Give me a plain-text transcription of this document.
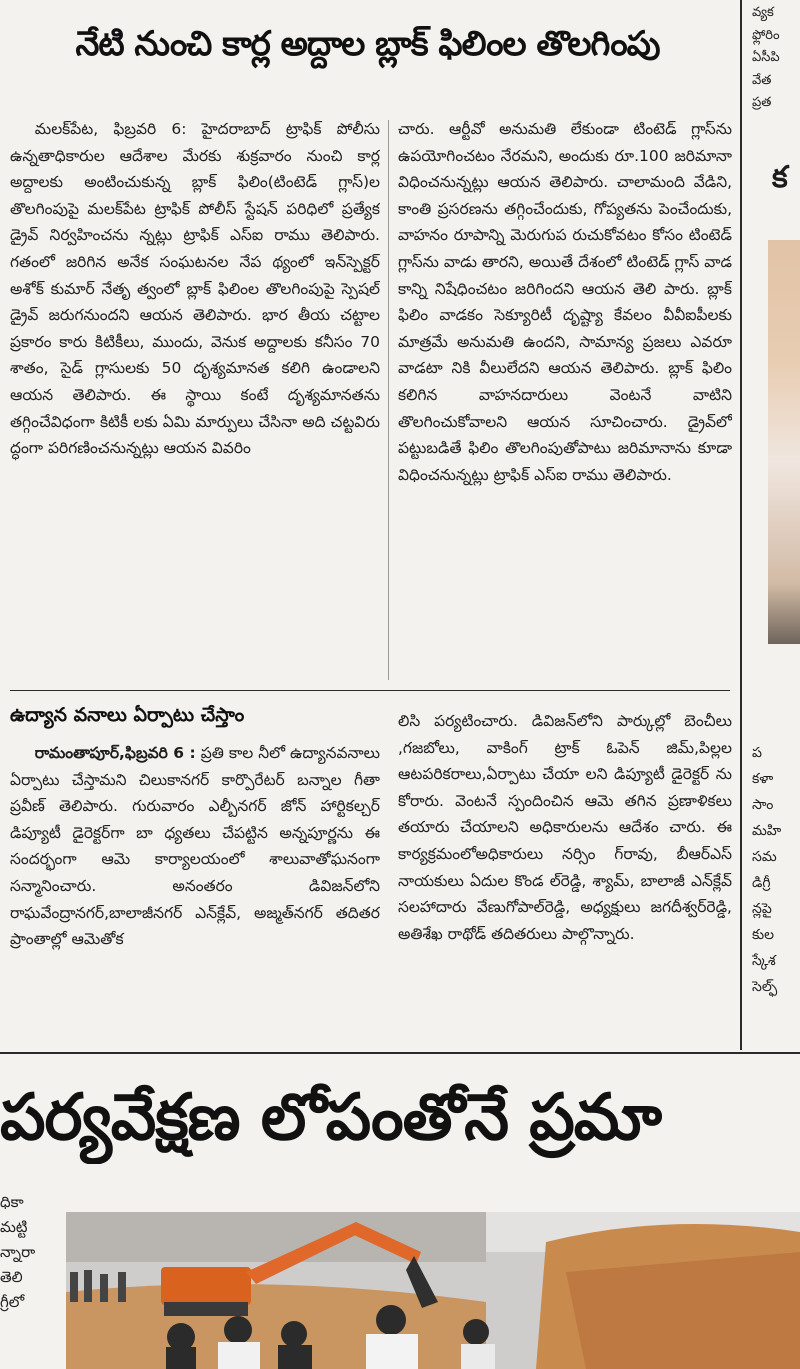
నేటి నుంచి కార్ల అద్దాల బ్లాక్ ఫిలింల తొలగింపు

మలక్‌పేట, ఫిబ్రవరి 6: హైదరాబాద్ ట్రాఫిక్ పోలీసు ఉన్నతాధికారుల ఆదేశాల మేరకు శుక్రవారం నుంచి కార్ల అద్దాలకు అంటించుకున్న బ్లాక్ ఫిలిం(టింటెడ్ గ్లాస్)ల తొలగింపుపై మలక్‌పేట ట్రాఫిక్ పోలీస్ స్టేషన్ పరిధిలో ప్రత్యేక డ్రైవ్ నిర్వహించను న్నట్లు ట్రాఫిక్ ఎస్‌ఐ రాము తెలిపారు. గతంలో జరిగిన అనేక సంఘటనల నేప థ్యంలో ఇన్‌స్పెక్టర్ అశోక్ కుమార్ నేతృ త్వంలో బ్లాక్ ఫిలింల తొలగింపుపై స్పెషల్ డ్రైవ్ జరుగనుందని ఆయన తెలిపారు. భార తీయ చట్టాల ప్రకారం కారు కిటికీలు, ముందు, వెనుక అద్దాలకు కనీసం 70 శాతం, సైడ్ గ్లాసులకు 50 దృశ్యమానత కలిగి ఉండాలని ఆయన తెలిపారు. ఈ స్థాయి కంటే దృశ్యమానతను తగ్గించేవిధంగా కిటికీ లకు ఏమి మార్పులు చేసినా అది చట్టవిరు ద్ధంగా పరిగణించనున్నట్లు ఆయన వివరిం

చారు. ఆర్టీవో అనుమతి లేకుండా టింటెడ్ గ్లాస్‌ను ఉపయోగించటం నేరమని, అందుకు రూ.100 జరిమానా విధించనున్నట్లు ఆయన తెలిపారు. చాలామంది వేడిని, కాంతి ప్రసరణను తగ్గించేందుకు, గోప్యతను పెంచేందుకు, వాహనం రూపాన్ని మెరుగుప రుచుకోవటం కోసం టింటెడ్ గ్లాస్‌ను వాడు తారని, అయితే దేశంలో టింటెడ్ గ్లాస్ వాడ కాన్ని నిషేధించటం జరిగిందని ఆయన తెలి పారు. బ్లాక్ ఫిలిం వాడకం సెక్యూరిటీ దృష్ట్యా కేవలం వీవీఐపీలకు మాత్రమే అనుమతి ఉందని, సామాన్య ప్రజలు ఎవరూ వాడటా నికి వీలులేదని ఆయన తెలిపారు. బ్లాక్ ఫిలిం కలిగిన వాహనదారులు వెంటనే వాటిని తొలగించుకోవాలని ఆయన సూచించారు. డ్రైవ్‌లో పట్టుబడితే ఫిలిం తొలగింపుతోపాటు జరిమానాను కూడా విధించనున్నట్లు ట్రాఫిక్ ఎస్‌ఐ రాము తెలిపారు.

ఉద్యాన వనాలు ఏర్పాటు చేస్తాం

రామంతాపూర్,ఫిబ్రవరి 6 : ప్రతి కాల నీలో ఉద్యానవనాలు ఏర్పాటు చేస్తామని చిలుకానగర్ కార్పొరేటర్ బన్నాల గీతా ప్రవీణ్ తెలిపారు. గురువారం ఎల్బీనగర్ జోన్ హార్టికల్చర్ డిప్యూటీ డైరెక్టర్‌గా బా ధ్యతలు చేపట్టిన అన్నపూర్ణను ఈ సందర్భంగా ఆమె కార్యాలయంలో శాలువాతోఘనంగా సన్మానించారు. అనంతరం డివిజన్‌లోని రాఘవేంద్రానగర్,బాలాజీనగర్ ఎన్‌క్లేవ్, అజ్మత్‌నగర్ తదితర ప్రాంతాల్లో ఆమెతోక

లిసి పర్యటించారు. డివిజన్‌లోని పార్కుల్లో బెంచీలు ,గజబోలు, వాకింగ్ ట్రాక్ ఓపెన్ జిమ్,పిల్లల ఆటపరికరాలు,ఏర్పాటు చేయా లని డిప్యూటీ డైరెక్టర్ ను కోరారు. వెంటనే స్పందించిన ఆమె తగిన ప్రణాళికలు తయారు చేయాలని అధికారులను ఆదేశం చారు. ఈ కార్యక్రమంలోఅధికారులు నర్సిం గ్‌రావు, బీఆర్ఎస్ నాయకులు ఏదుల కొండ ల్‌రెడ్డి, శ్యామ్, బాలాజీ ఎన్‌క్లేవ్ సలహాదారు వేణుగోపాల్‌రెడ్డి, అధ్యక్షులు జగదీశ్వర్‌రెడ్డి, అతిశేఖ రాథోడ్ తదితరులు పాల్గొన్నారు.

వ్యక
ఫ్లోరిం
ఏసీపి
వేత
ప్రత
క
ప
కళా
సాం
మహి
సమ
డిగ్రీ
న్లపై
కుల
స్కేశ
సెల్ఫ్
పర్యవేక్షణ లోపంతోనే ప్రమా
ధికా
మట్టి
న్నారా
తెలి
గ్రీలో
